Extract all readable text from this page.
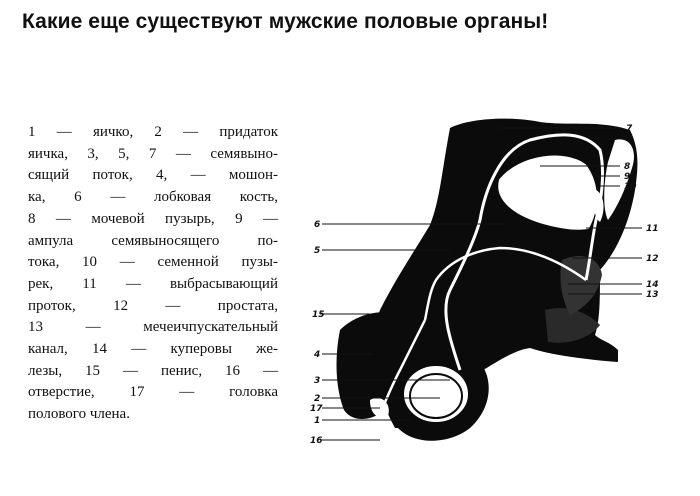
Какие еще существуют мужские половые органы!
1 — яичко, 2 — придаток
яичка, 3, 5, 7 — семявыно-
сящий поток, 4, — мошон-
ка, 6 — лобковая кость,
8 — мочевой пузырь, 9 —
ампула семявыносящего по-
тока, 10 — семенной пузы-
рек, 11 — выбрасывающий
проток, 12 — простата,
13 — мечеичпускательный
канал, 14 — куперовы же-
лезы, 15 — пенис, 16 —
отверстие, 17 — головка
полового члена.
15
5
6
4
7
8
9
10
11
12
14
13
3
2
17
1
16
